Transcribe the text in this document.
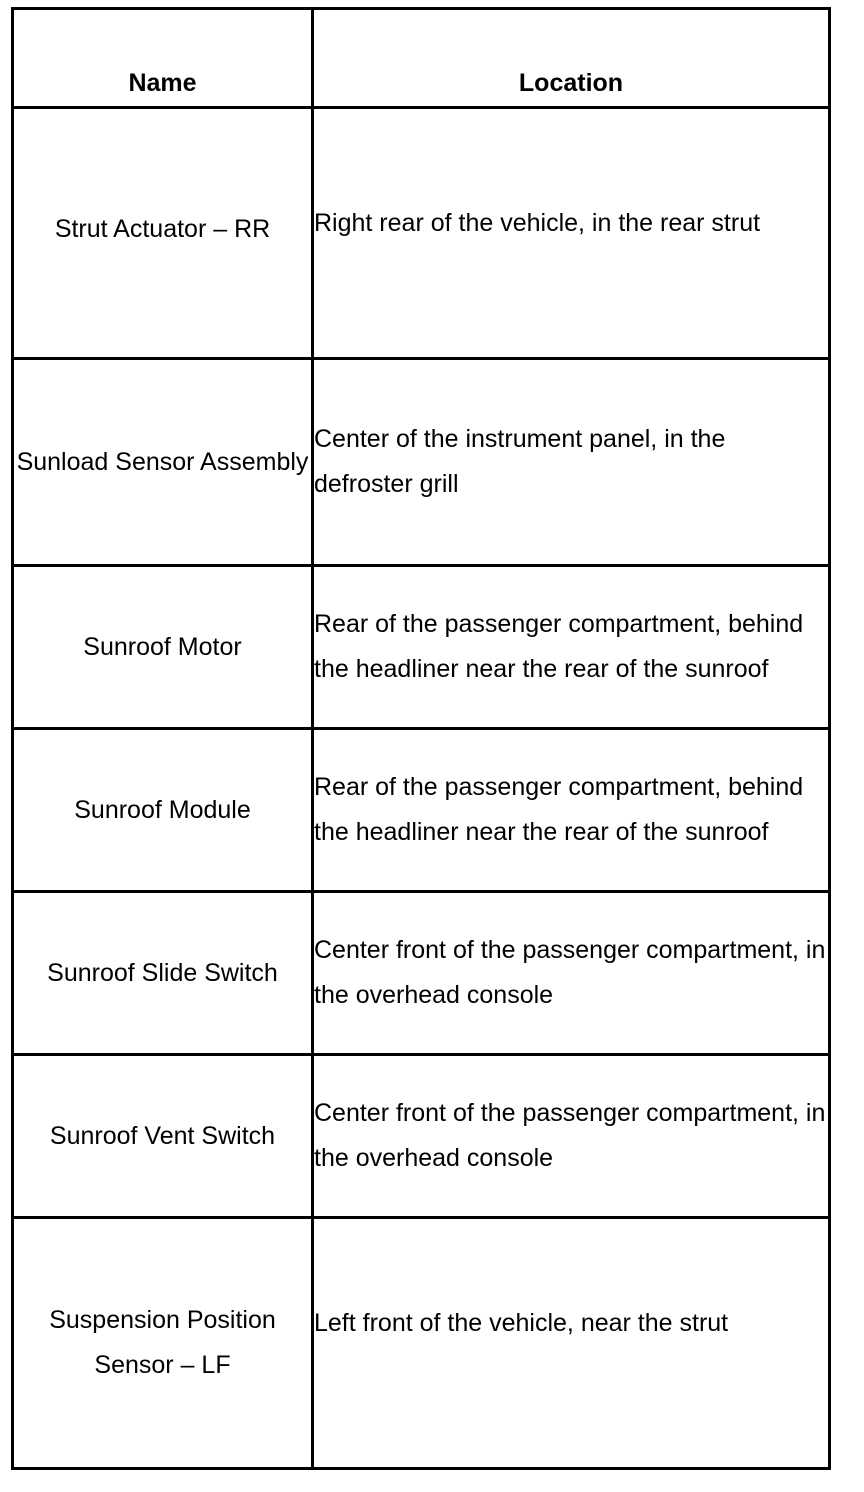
Name	Location

Strut Actuator – RR	Right rear of the vehicle, in the rear strut
Sunload Sensor Assembly	Center of the instrument panel, in the defroster grill
Sunroof Motor	Rear of the passenger compartment, behind the headliner near the rear of the sunroof
Sunroof Module	Rear of the passenger compartment, behind the headliner near the rear of the sunroof
Sunroof Slide Switch	Center front of the passenger compartment, in the overhead console
Sunroof Vent Switch	Center front of the passenger compartment, in the overhead console
Suspension Position Sensor – LF	Left front of the vehicle, near the strut
